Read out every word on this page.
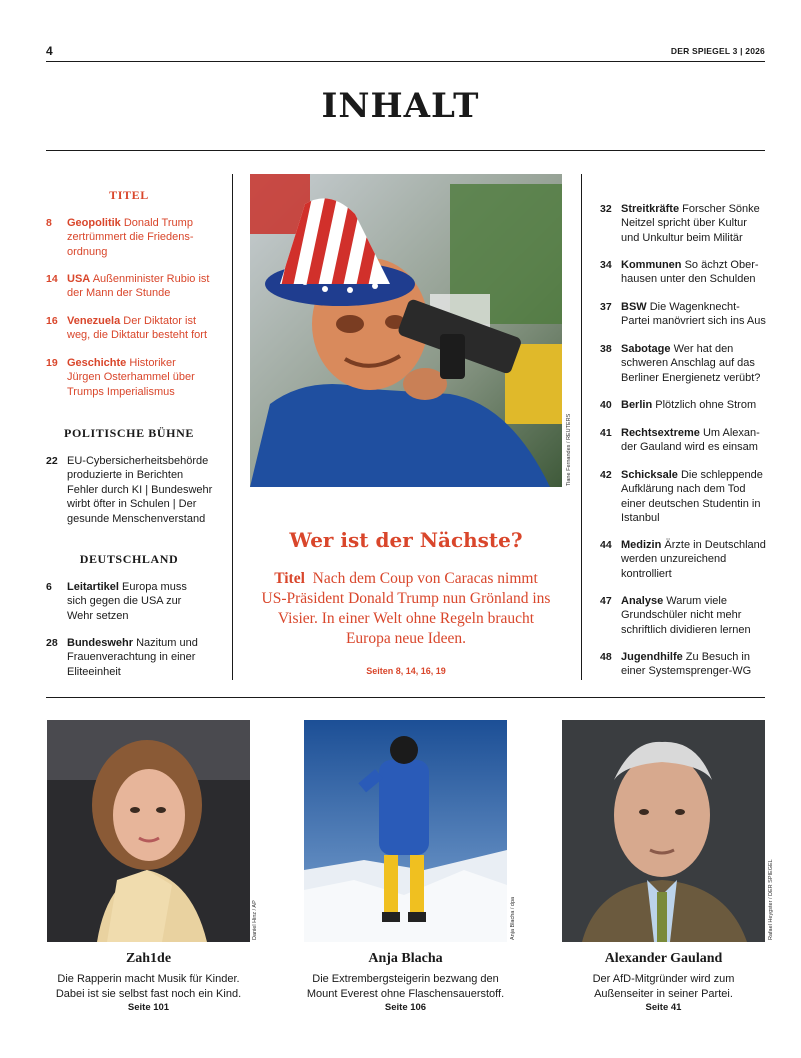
4	DER SPIEGEL 3 | 2026
INHALT
TITEL
8 Geopolitik Donald Trump zertrümmert die Friedensordnung
14 USA Außenminister Rubio ist der Mann der Stunde
16 Venezuela Der Diktator ist weg, die Diktatur besteht fort
19 Geschichte Historiker Jürgen Osterhammel über Trumps Imperialismus
POLITISCHE BÜHNE
22 EU-Cybersicherheitsbehörde produzierte in Berichten Fehler durch KI | Bundeswehr wirbt öfter in Schulen | Der gesunde Menschenverstand
DEUTSCHLAND
6 Leitartikel Europa muss sich gegen die USA zur Wehr setzen
28 Bundeswehr Nazitum und Frauenverachtung in einer Eliteeinheit
Tiane Fernandes / REUTERS
Wer ist der Nächste?
Titel Nach dem Coup von Caracas nimmt US-Präsident Donald Trump nun Grönland ins Visier. In einer Welt ohne Regeln braucht Europa neue Ideen.
Seiten 8, 14, 16, 19
32 Streitkräfte Forscher Sönke Neitzel spricht über Kultur und Unkultur beim Militär
34 Kommunen So ächzt Oberhausen unter den Schulden
37 BSW Die Wagenknecht-Partei manövriert sich ins Aus
38 Sabotage Wer hat den schweren Anschlag auf das Berliner Energienetz verübt?
40 Berlin Plötzlich ohne Strom
41 Rechtsextreme Um Alexander Gauland wird es einsam
42 Schicksale Die schleppende Aufklärung nach dem Tod einer deutschen Studentin in Istanbul
44 Medizin Ärzte in Deutschland werden unzureichend kontrolliert
47 Analyse Warum viele Grundschüler nicht mehr schriftlich dividieren lernen
48 Jugendhilfe Zu Besuch in einer Systemsprenger-WG
Daniel Hinz / AP	Anja Blacha / dpa	Rafael Heygster / DER SPIEGEL
Zah1de
Die Rapperin macht Musik für Kinder.
Dabei ist sie selbst fast noch ein Kind.
Seite 101
Anja Blacha
Die Extrembergsteigerin bezwang den
Mount Everest ohne Flaschensauerstoff.
Seite 106
Alexander Gauland
Der AfD-Mitgründer wird zum
Außenseiter in seiner Partei.
Seite 41
